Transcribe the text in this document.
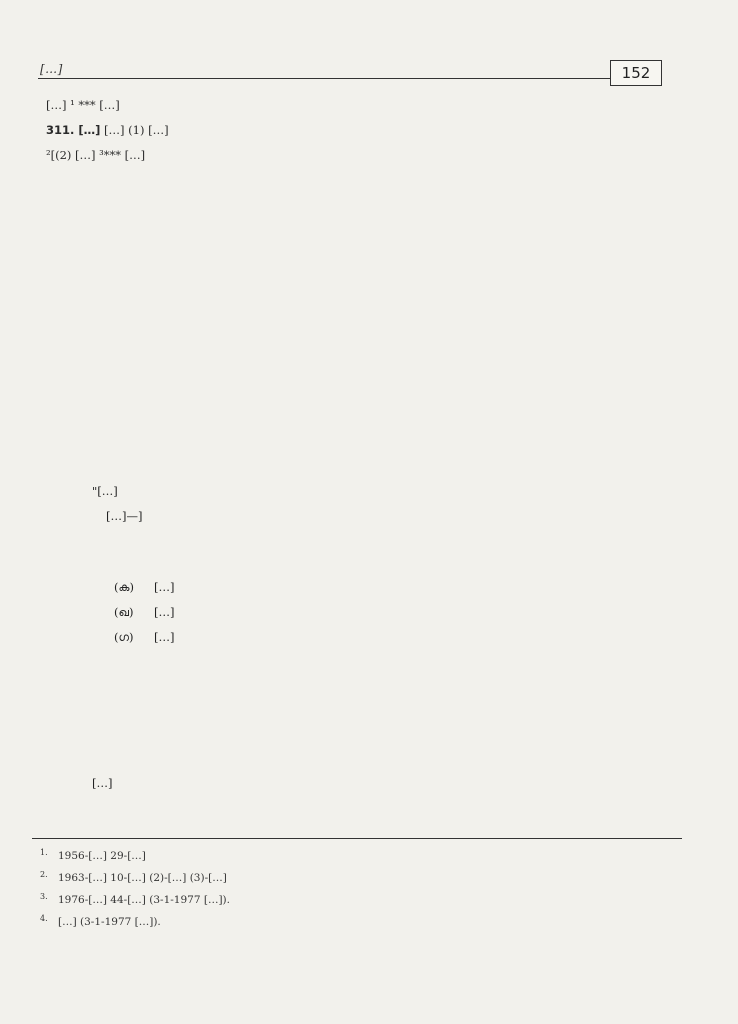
[…]	152

[…] ¹ *** […]

311. […] […] (1) […]

²[(2) […] ³*** […]

"[…]

[…]—]

(ക) […]
(ഖ) […]
(ഗ) […]
[…]
1. 1956-[…] 29-[…]
2. 1963-[…] 10-[…] (2)-[…] (3)-[…]
3. 1976-[…] 44-[…] (3-1-1977 […]).
4. […] (3-1-1977 […]).
